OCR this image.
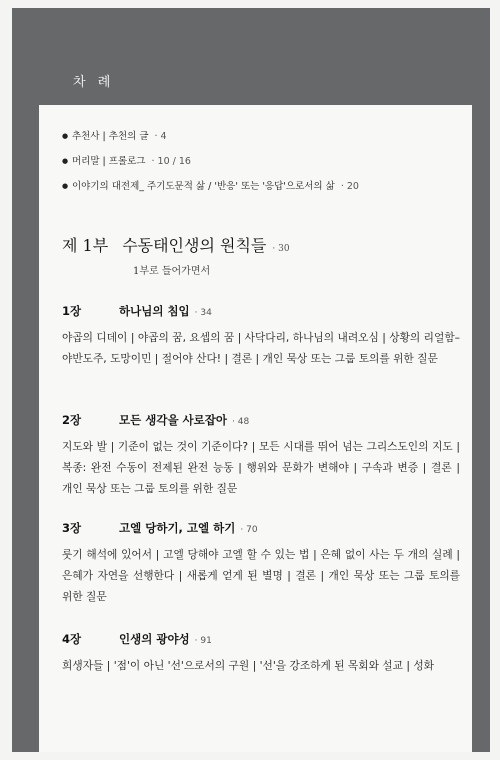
차 례
● 추천사 | 추천의 글 · 4
● 머리말 | 프롤로그 · 10 / 16
● 이야기의 대전제_ 주기도문적 삶 / '반응' 또는 '응답'으로서의 삶 · 20
제 1부 수동태인생의 원칙들 · 30
1부로 들어가면서
1장	하나님의 침입 · 34
야곱의 디데이 | 야곱의 꿈, 요셉의 꿈 | 사닥다리, 하나님의 내려오심 | 상황의 리얼함–야반도주, 도망이민 | 절어야 산다! | 결론 | 개인 묵상 또는 그룹 토의를 위한 질문
2장	모든 생각을 사로잡아 · 48
지도와 발 | 기준이 없는 것이 기준이다? | 모든 시대를 뛰어 넘는 그리스도인의 지도 | 복종: 완전 수동이 전제된 완전 능동 | 행위와 문화가 변해야 | 구속과 변증 | 결론 | 개인 묵상 또는 그룹 토의를 위한 질문
3장	고엘 당하기, 고엘 하기 · 70
룻기 해석에 있어서 | 고엘 당해야 고엘 할 수 있는 법 | 은혜 없이 사는 두 개의 실례 | 은혜가 자연을 선행한다 | 새롭게 얻게 된 별명 | 결론 | 개인 묵상 또는 그룹 토의를 위한 질문
4장	인생의 광야성 · 91
희생자들 | '점'이 아닌 '선'으로서의 구원 | '선'을 강조하게 된 목회와 설교 | 성화
